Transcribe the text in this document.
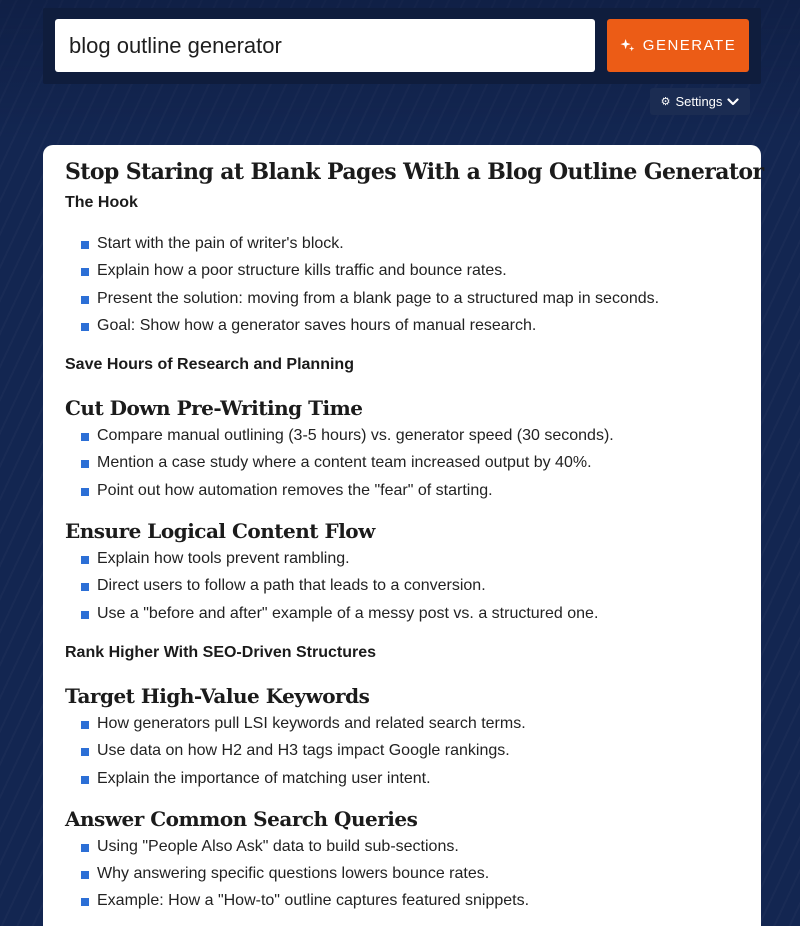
blog outline generator
GENERATE
⚙ Settings
Stop Staring at Blank Pages With a Blog Outline Generator
The Hook
Start with the pain of writer's block.
Explain how a poor structure kills traffic and bounce rates.
Present the solution: moving from a blank page to a structured map in seconds.
Goal: Show how a generator saves hours of manual research.
Save Hours of Research and Planning
Cut Down Pre-Writing Time
Compare manual outlining (3-5 hours) vs. generator speed (30 seconds).
Mention a case study where a content team increased output by 40%.
Point out how automation removes the "fear" of starting.
Ensure Logical Content Flow
Explain how tools prevent rambling.
Direct users to follow a path that leads to a conversion.
Use a "before and after" example of a messy post vs. a structured one.
Rank Higher With SEO-Driven Structures
Target High-Value Keywords
How generators pull LSI keywords and related search terms.
Use data on how H2 and H3 tags impact Google rankings.
Explain the importance of matching user intent.
Answer Common Search Queries
Using "People Also Ask" data to build sub-sections.
Why answering specific questions lowers bounce rates.
Example: How a "How-to" outline captures featured snippets.
